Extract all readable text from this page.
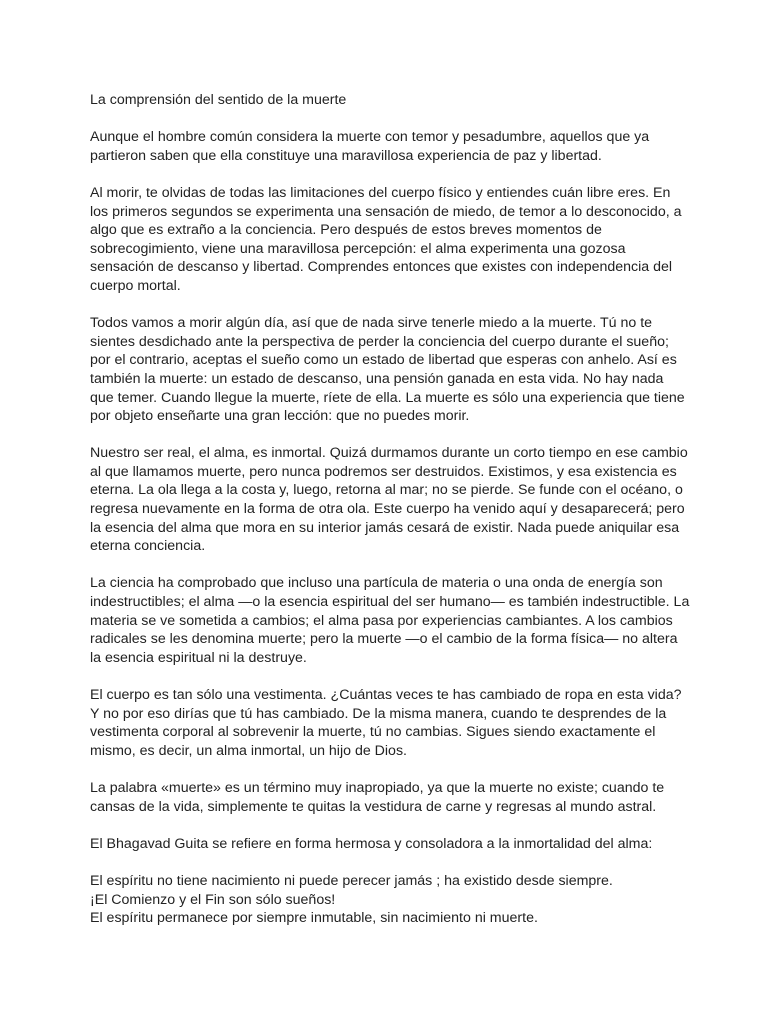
La comprensión del sentido de la muerte

Aunque el hombre común considera la muerte con temor y pesadumbre, aquellos que ya partieron saben que ella constituye una maravillosa experiencia de paz y libertad.

Al morir, te olvidas de todas las limitaciones del cuerpo físico y entiendes cuán libre eres. En los primeros segundos se experimenta una sensación de miedo, de temor a lo desconocido, a algo que es extraño a la conciencia. Pero después de estos breves momentos de sobrecogimiento, viene una maravillosa percepción: el alma experimenta una gozosa sensación de descanso y libertad. Comprendes entonces que existes con independencia del cuerpo mortal.

Todos vamos a morir algún día, así que de nada sirve tenerle miedo a la muerte. Tú no te sientes desdichado ante la perspectiva de perder la conciencia del cuerpo durante el sueño; por el contrario, aceptas el sueño como un estado de libertad que esperas con anhelo. Así es también la muerte: un estado de descanso, una pensión ganada en esta vida. No hay nada que temer. Cuando llegue la muerte, ríete de ella. La muerte es sólo una experiencia que tiene por objeto enseñarte una gran lección: que no puedes morir.

Nuestro ser real, el alma, es inmortal. Quizá durmamos durante un corto tiempo en ese cambio al que llamamos muerte, pero nunca podremos ser destruidos. Existimos, y esa existencia es eterna. La ola llega a la costa y, luego, retorna al mar; no se pierde. Se funde con el océano, o regresa nuevamente en la forma de otra ola. Este cuerpo ha venido aquí y desaparecerá; pero la esencia del alma que mora en su interior jamás cesará de existir. Nada puede aniquilar esa eterna conciencia.

La ciencia ha comprobado que incluso una partícula de materia o una onda de energía son indestructibles; el alma —o la esencia espiritual del ser humano— es también indestructible. La materia se ve sometida a cambios; el alma pasa por experiencias cambiantes. A los cambios radicales se les denomina muerte; pero la muerte —o el cambio de la forma física— no altera la esencia espiritual ni la destruye.

El cuerpo es tan sólo una vestimenta. ¿Cuántas veces te has cambiado de ropa en esta vida? Y no por eso dirías que tú has cambiado. De la misma manera, cuando te desprendes de la vestimenta corporal al sobrevenir la muerte, tú no cambias. Sigues siendo exactamente el mismo, es decir, un alma inmortal, un hijo de Dios.

La palabra «muerte» es un término muy inapropiado, ya que la muerte no existe; cuando te cansas de la vida, simplemente te quitas la vestidura de carne y regresas al mundo astral.

El Bhagavad Guita se refiere en forma hermosa y consoladora a la inmortalidad del alma:

El espíritu no tiene nacimiento ni puede perecer jamás ; ha existido desde siempre.

¡El Comienzo y el Fin son sólo sueños!

El espíritu permanece por siempre inmutable, sin nacimiento ni muerte.
